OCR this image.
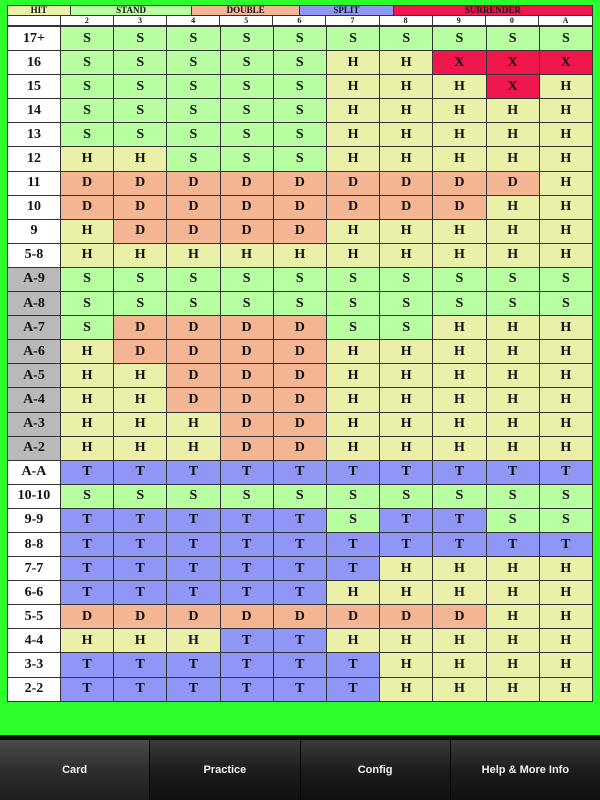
HIT	STAND	DOUBLE	SPLIT	SURRENDER
2	3	4	5	6	7	8	9	0	A
17+	S	S	S	S	S	S	S	S	S	S
16	S	S	S	S	S	H	H	X	X	X
15	S	S	S	S	S	H	H	H	X	H
14	S	S	S	S	S	H	H	H	H	H
13	S	S	S	S	S	H	H	H	H	H
12	H	H	S	S	S	H	H	H	H	H
11	D	D	D	D	D	D	D	D	D	H
10	D	D	D	D	D	D	D	D	H	H
9	H	D	D	D	D	H	H	H	H	H
5-8	H	H	H	H	H	H	H	H	H	H
A-9	S	S	S	S	S	S	S	S	S	S
A-8	S	S	S	S	S	S	S	S	S	S
A-7	S	D	D	D	D	S	S	H	H	H
A-6	H	D	D	D	D	H	H	H	H	H
A-5	H	H	D	D	D	H	H	H	H	H
A-4	H	H	D	D	D	H	H	H	H	H
A-3	H	H	H	D	D	H	H	H	H	H
A-2	H	H	H	D	D	H	H	H	H	H
A-A	T	T	T	T	T	T	T	T	T	T
10-10	S	S	S	S	S	S	S	S	S	S
9-9	T	T	T	T	T	S	T	T	S	S
8-8	T	T	T	T	T	T	T	T	T	T
7-7	T	T	T	T	T	T	H	H	H	H
6-6	T	T	T	T	T	H	H	H	H	H
5-5	D	D	D	D	D	D	D	D	H	H
4-4	H	H	H	T	T	H	H	H	H	H
3-3	T	T	T	T	T	T	H	H	H	H
2-2	T	T	T	T	T	T	H	H	H	H
Card	Practice	Config	Help & More Info
